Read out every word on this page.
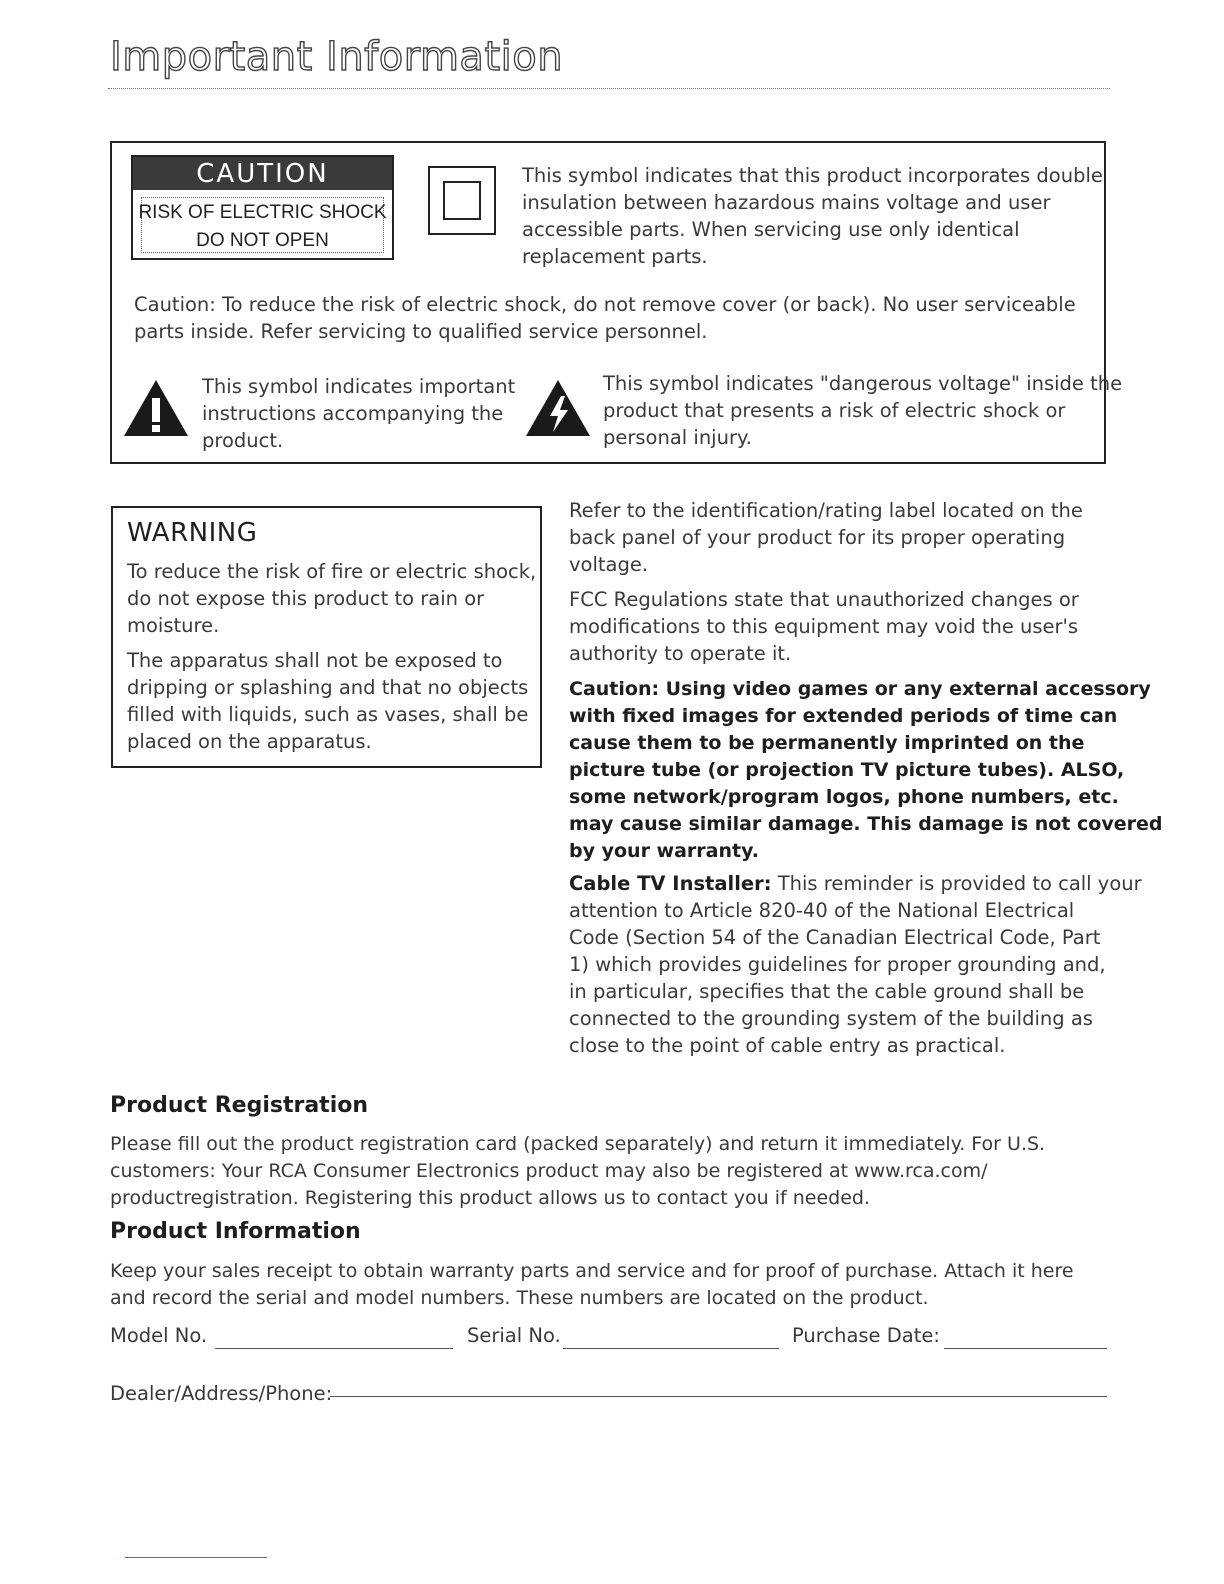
Important Information
CAUTION
RISK OF ELECTRIC SHOCK
DO NOT OPEN
This symbol indicates that this product incorporates double
insulation between hazardous mains voltage and user
accessible parts. When servicing use only identical
replacement parts.
Caution: To reduce the risk of electric shock, do not remove cover (or back). No user serviceable
parts inside. Refer servicing to qualified service personnel.
This symbol indicates important
instructions accompanying the
product.
This symbol indicates "dangerous voltage" inside the
product that presents a risk of electric shock or
personal injury.
WARNING
To reduce the risk of fire or electric shock,
do not expose this product to rain or
moisture.
The apparatus shall not be exposed to
dripping or splashing and that no objects
filled with liquids, such as vases, shall be
placed on the apparatus.
Refer to the identification/rating label located on the
back panel of your product for its proper operating
voltage.
FCC Regulations state that unauthorized changes or
modifications to this equipment may void the user's
authority to operate it.
Caution: Using video games or any external accessory
with fixed images for extended periods of time can
cause them to be permanently imprinted on the
picture tube (or projection TV picture tubes). ALSO,
some network/program logos, phone numbers, etc.
may cause similar damage. This damage is not covered
by your warranty.
Cable TV Installer: This reminder is provided to call your
attention to Article 820-40 of the National Electrical
Code (Section 54 of the Canadian Electrical Code, Part
1) which provides guidelines for proper grounding and,
in particular, specifies that the cable ground shall be
connected to the grounding system of the building as
close to the point of cable entry as practical.
Product Registration
Please fill out the product registration card (packed separately) and return it immediately. For U.S.
customers: Your RCA Consumer Electronics product may also be registered at www.rca.com/
productregistration. Registering this product allows us to contact you if needed.
Product Information
Keep your sales receipt to obtain warranty parts and service and for proof of purchase. Attach it here
and record the serial and model numbers. These numbers are located on the product.
Model No.	Serial No.	Purchase Date:
Dealer/Address/Phone:
